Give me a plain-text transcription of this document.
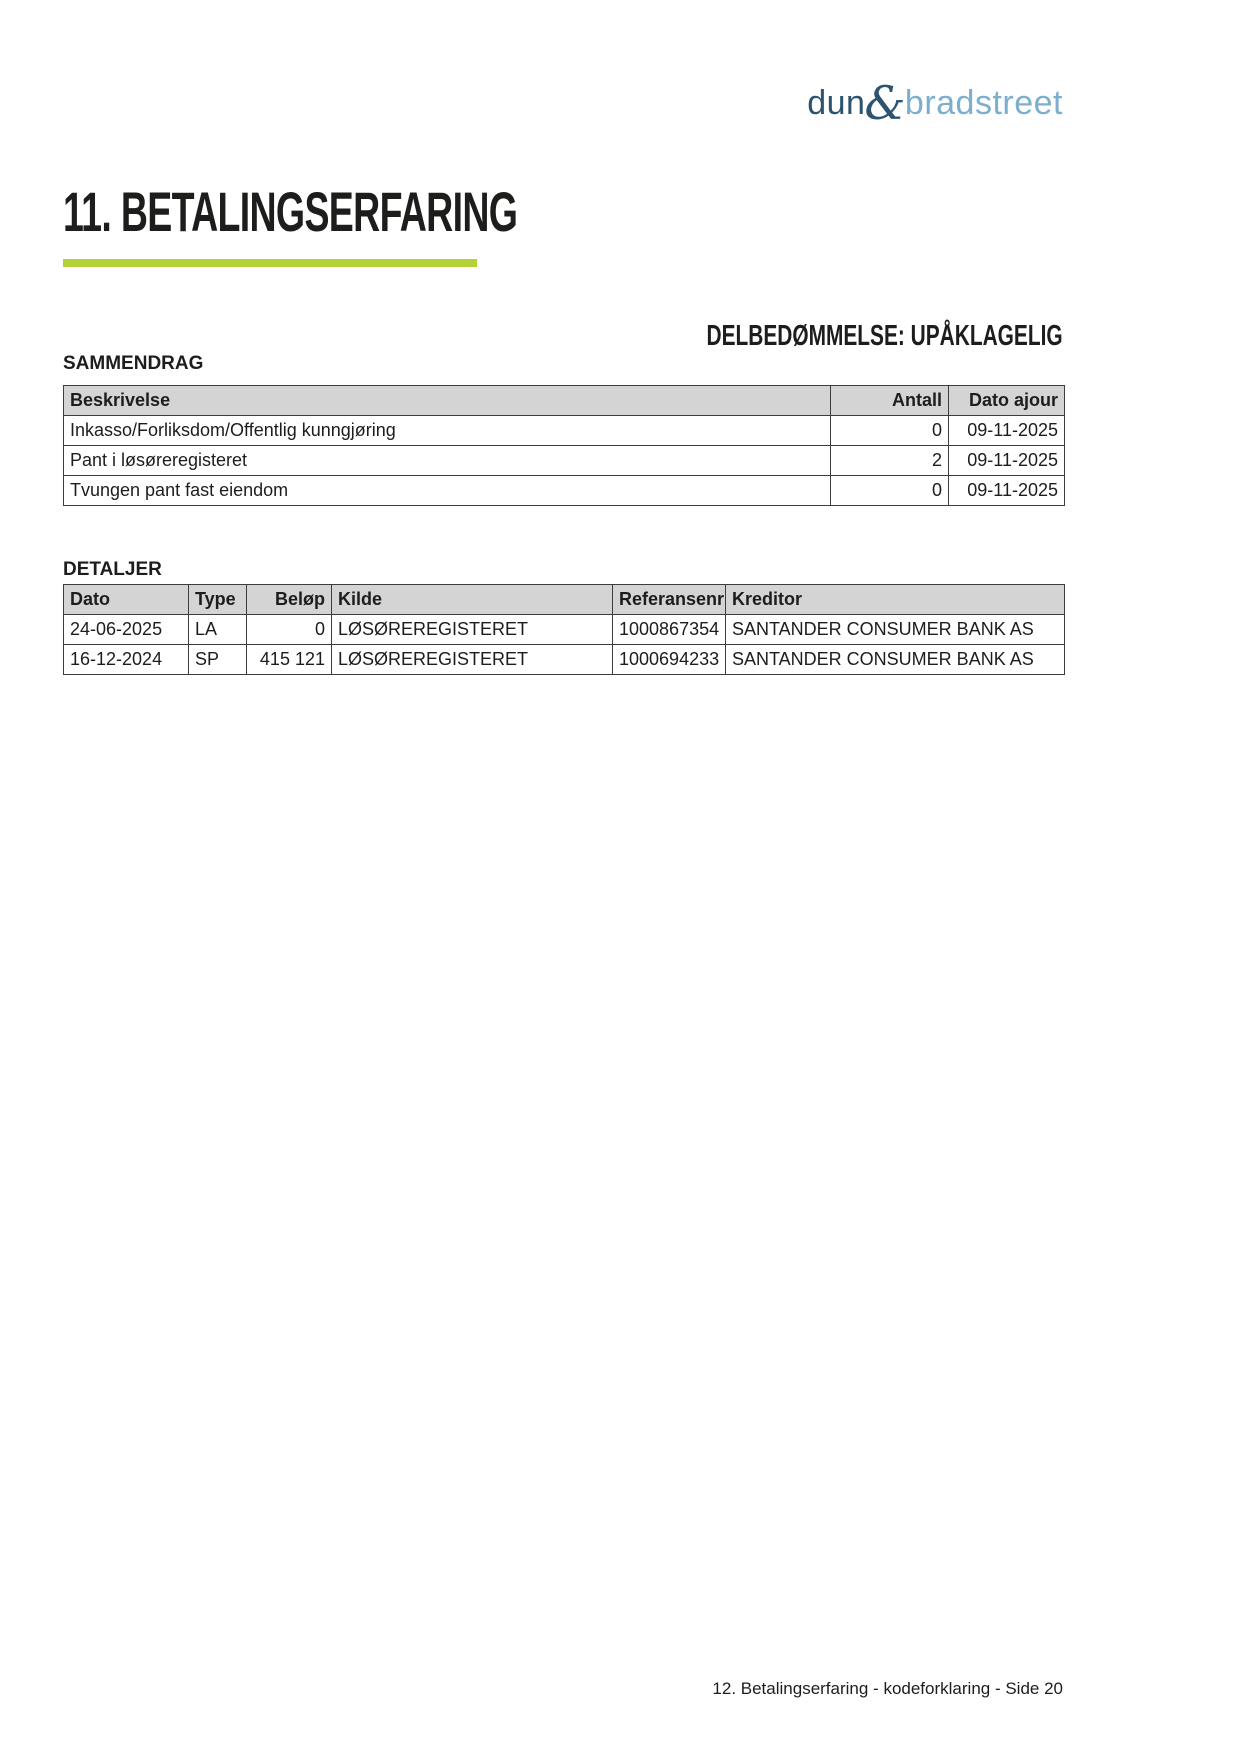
dun&bradstreet
11. BETALINGSERFARING
DELBEDØMMELSE: UPÅKLAGELIG
SAMMENDRAG
Beskrivelse	Antall	Dato ajour
Inkasso/Forliksdom/Offentlig kunngjøring	0	09-11-2025
Pant i løsøreregisteret	2	09-11-2025
Tvungen pant fast eiendom	0	09-11-2025
DETALJER
Dato	Type	Beløp	Kilde	Referansenr	Kreditor
24-06-2025	LA	0	LØSØREREGISTERET	1000867354	SANTANDER CONSUMER BANK AS
16-12-2024	SP	415 121	LØSØREREGISTERET	1000694233	SANTANDER CONSUMER BANK AS
12. Betalingserfaring - kodeforklaring - Side 20
